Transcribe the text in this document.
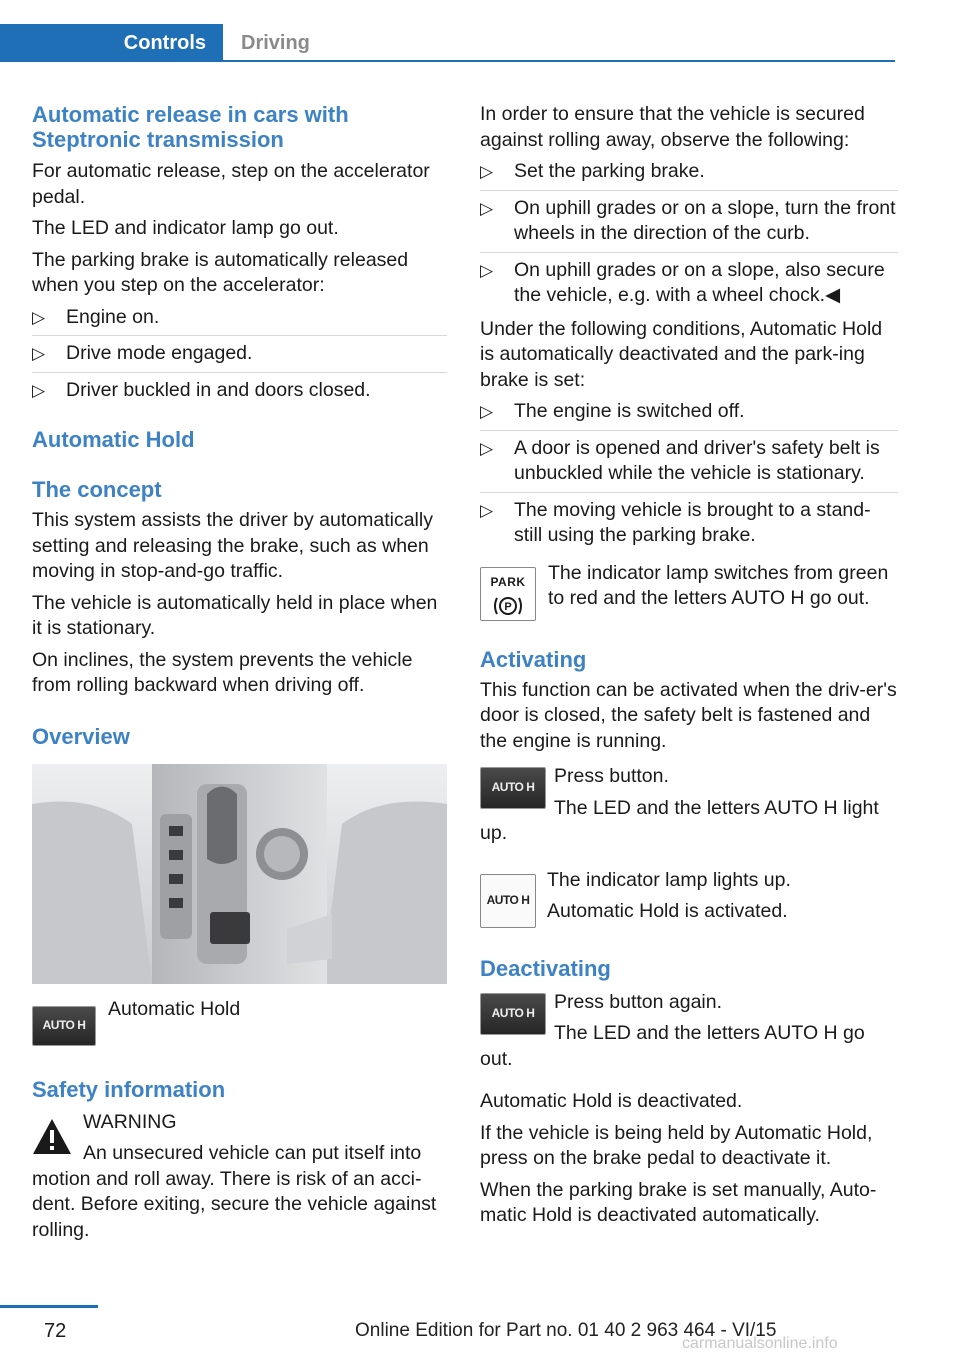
Controls Driving
Automatic release in cars with Steptronic transmission

For automatic release, step on the accelerator pedal.

The LED and indicator lamp go out.

The parking brake is automatically released when you step on the accelerator:

▷ Engine on.
▷ Drive mode engaged.
▷ Driver buckled in and doors closed.
Automatic Hold
The concept

This system assists the driver by automatically setting and releasing the brake, such as when moving in stop-and-go traffic.

The vehicle is automatically held in place when it is stationary.

On inclines, the system prevents the vehicle from rolling backward when driving off.

Overview
AUTO H
Automatic Hold
Safety information
WARNING
An unsecured vehicle can put itself into motion and roll away. There is risk of an acci-dent. Before exiting, secure the vehicle against rolling.

In order to ensure that the vehicle is secured against rolling away, observe the following:

▷ Set the parking brake.
▷ On uphill grades or on a slope, turn the front wheels in the direction of the curb.
▷ On uphill grades or on a slope, also secure the vehicle, e.g. with a wheel chock.◀

Under the following conditions, Automatic Hold is automatically deactivated and the park-ing brake is set:

▷ The engine is switched off.
▷ A door is opened and driver's safety belt is unbuckled while the vehicle is stationary.
▷ The moving vehicle is brought to a stand-still using the parking brake.
PARK
P
The indicator lamp switches from green to red and the letters AUTO H go out.
Activating

This function can be activated when the driv-er's door is closed, the safety belt is fastened and the engine is running.

AUTO H
Press button.
The LED and the letters AUTO H light up.
AUTO H
The indicator lamp lights up.
Automatic Hold is activated.
Deactivating
AUTO H
Press button again.
The LED and the letters AUTO H go out.

Automatic Hold is deactivated.

If the vehicle is being held by Automatic Hold, press on the brake pedal to deactivate it.

When the parking brake is set manually, Auto-matic Hold is deactivated automatically.

72	Online Edition for Part no. 01 40 2 963 464 - VI/15
carmanualsonline.info
